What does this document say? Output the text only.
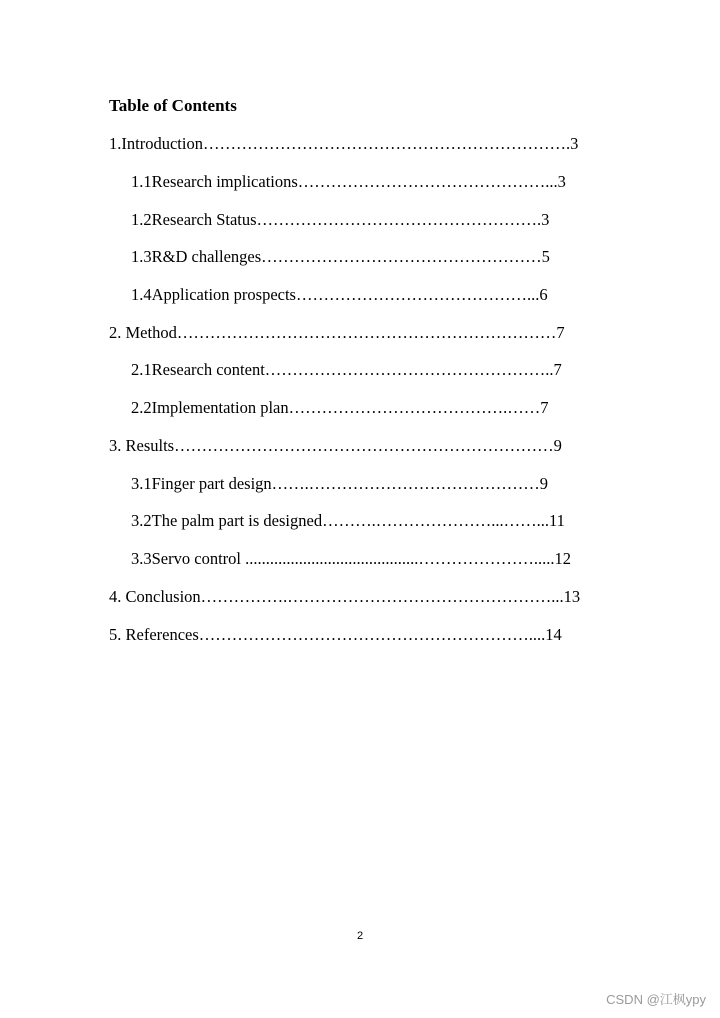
Table of Contents
1.Introduction………………………………………………………….3
1.1Research implications………………………………………...3
1.2Research Status…………………………………………….3
1.3R&D challenges……………………………………………5
1.4Application prospects……………………………………...6
2. Method……………………………………………………………7
2.1Research content……………………………………………..7
2.2Implementation plan………………………………….……7
3. Results……………………………………………………………9
3.1Finger part design…….……………………………………9
3.2The palm part is designed……….…………………...……...11
3.3Servo control ..........................................………………….....12
4. Conclusion…………….…………………………………………...13
5. References……………………………………………………....14
2
CSDN @江枫ypy
